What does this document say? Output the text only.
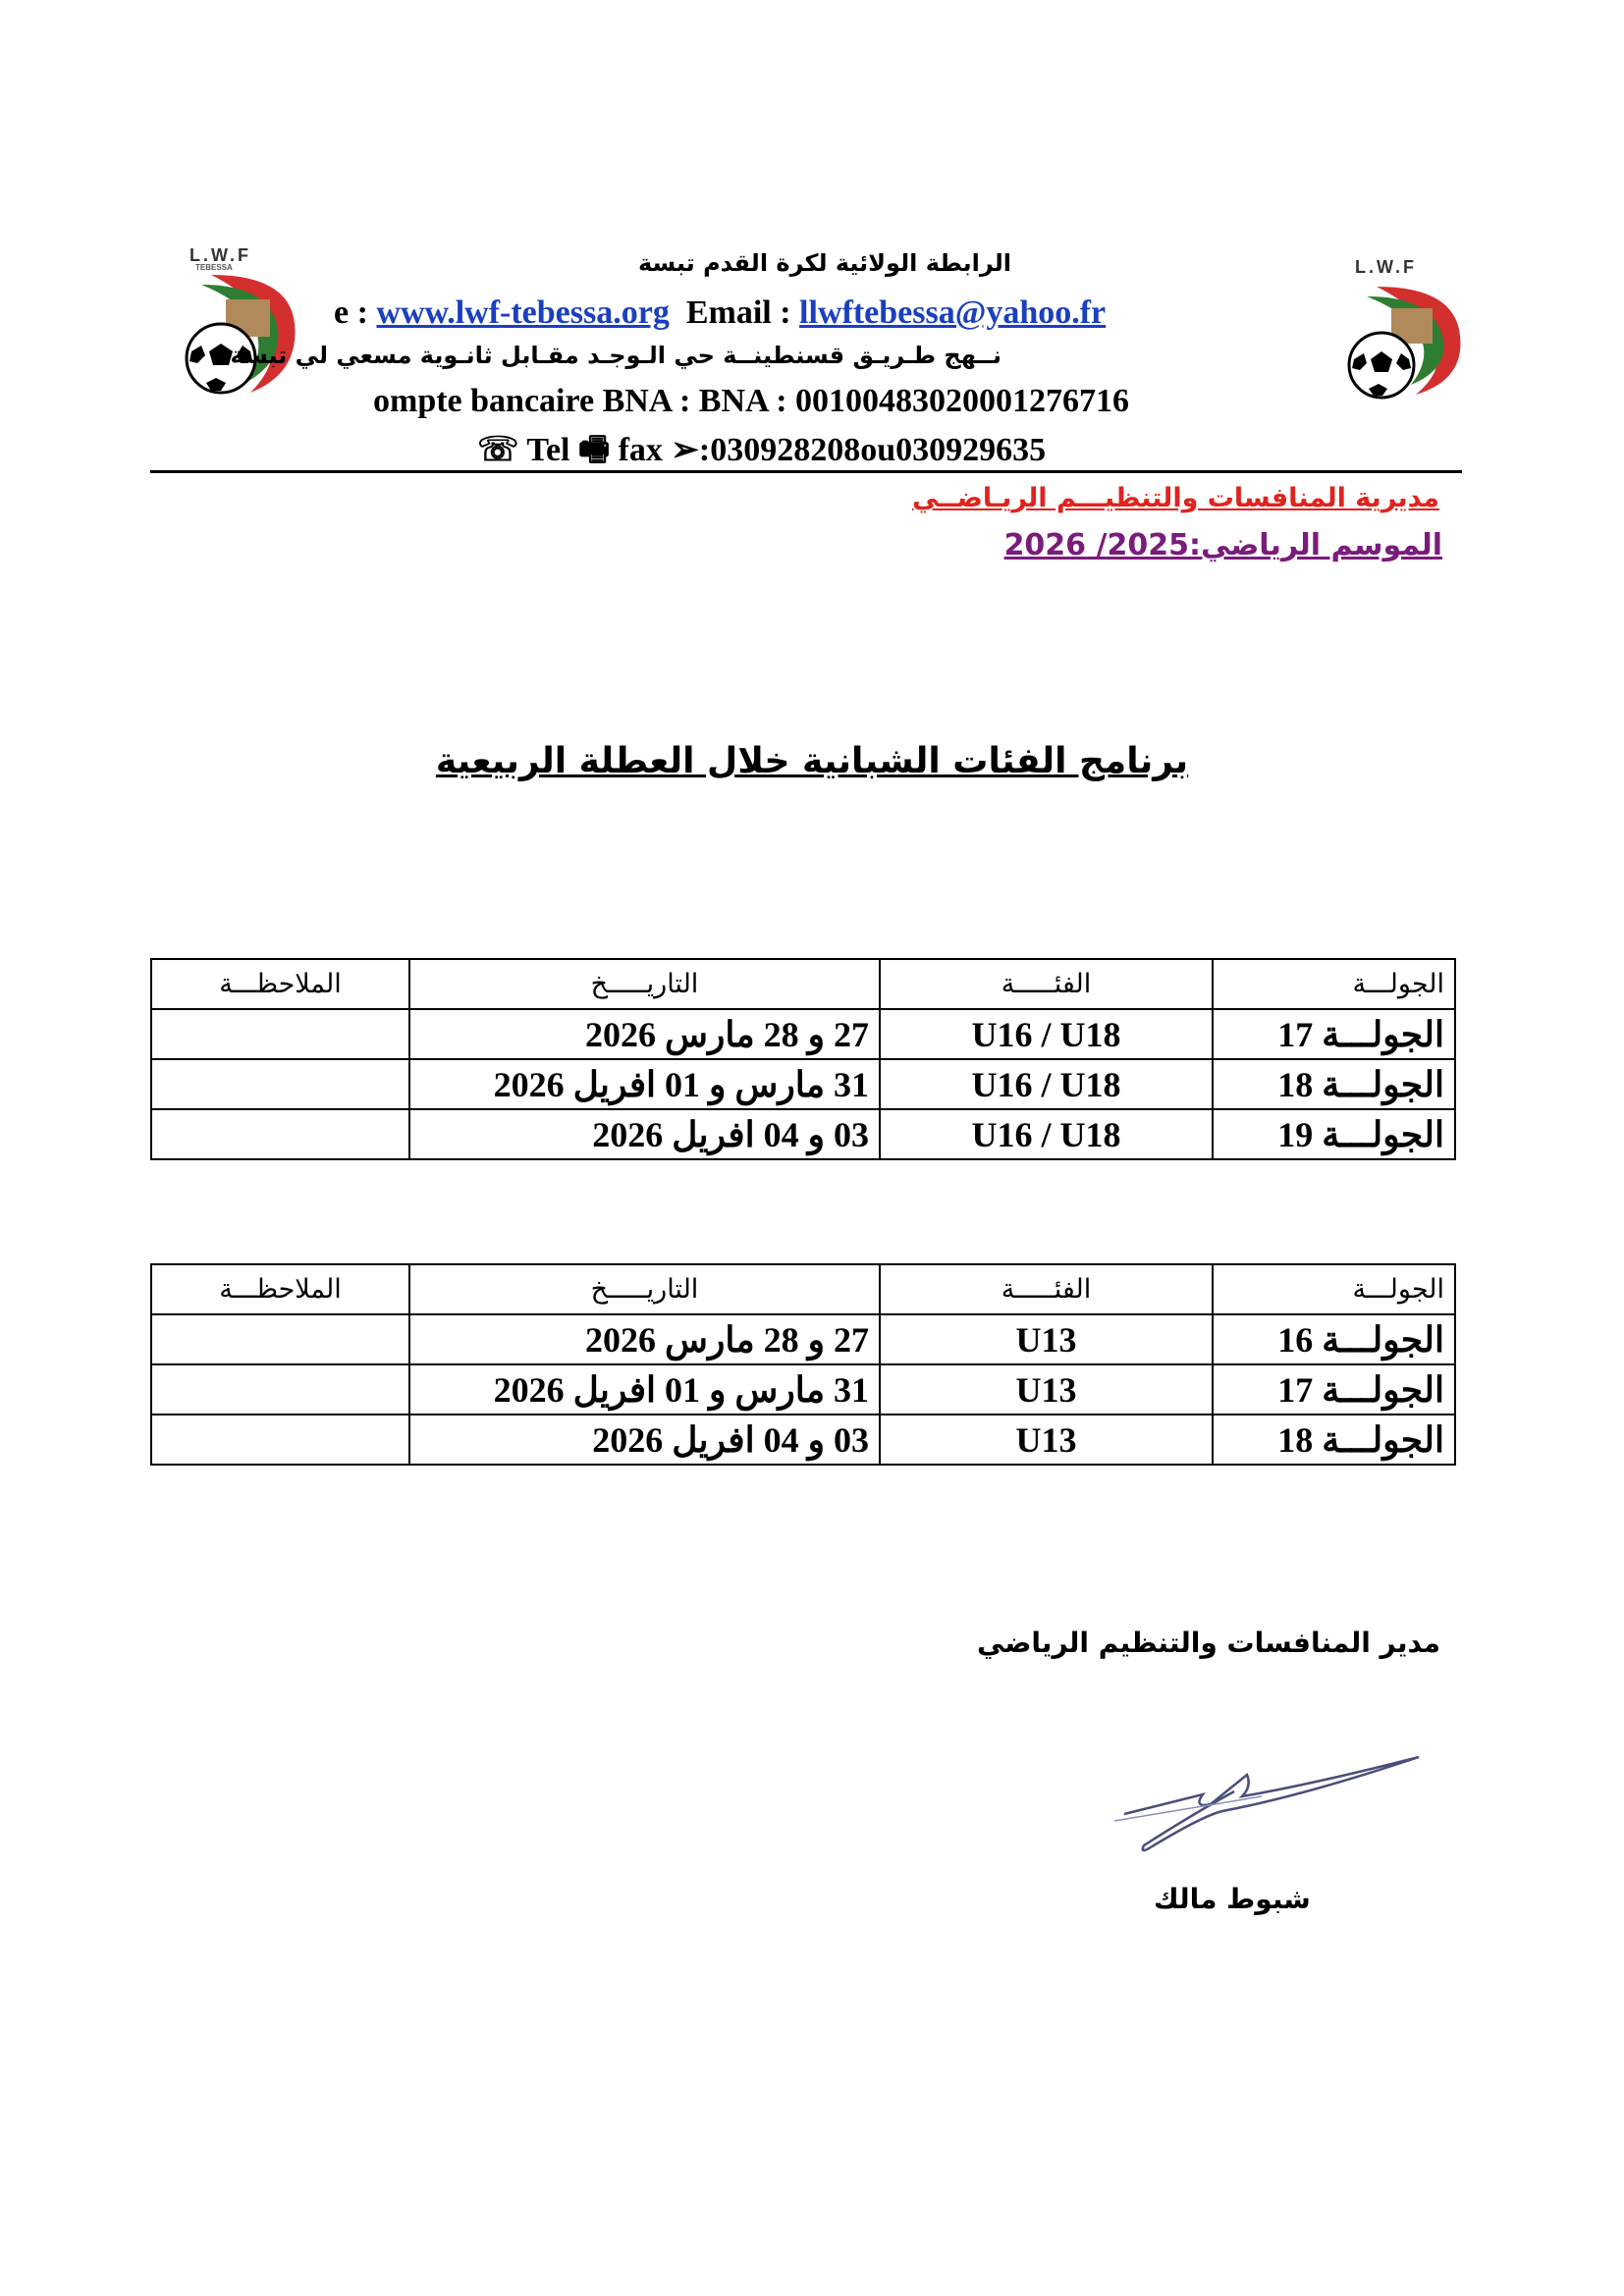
L.W.F
TEBESSA	L.W.F
الرابطة الولائية لكرة القدم تبسة
e : www.lwf-tebessa.org Email : llwftebessa@yahoo.fr
نــهج طـريـق قسنطينــة حي الـوجـد مقـابل ثانـوية مسعي لي تبسة
ompte bancaire BNA : BNA : 0010048302000127671​6
☏ Tel 🖷 fax ➢:030928208ou030929635
مديرية المنافسات والتنظيـــم الريـاضــي
الموسم الرياضي:2025/ 2026
برنامج الفئات الشبانية خلال العطلة الربيعية
الجولـــة	الفئـــــة	التاريـــــخ	الملاحظـــة
الجولـــة 17	U16 / U18	27 و 28 مارس 2026	
الجولـــة 18	U16 / U18	31 مارس و 01 افريل 2026	
الجولـــة 19	U16 / U18	03 و 04 افريل 2026	
الجولـــة	الفئـــــة	التاريـــــخ	الملاحظـــة
الجولـــة 16	U13	27 و 28 مارس 2026	
الجولـــة 17	U13	31 مارس و 01 افريل 2026	
الجولـــة 18	U13	03 و 04 افريل 2026	
مدير المنافسات والتنظيم الرياضي
شبوط مالك
